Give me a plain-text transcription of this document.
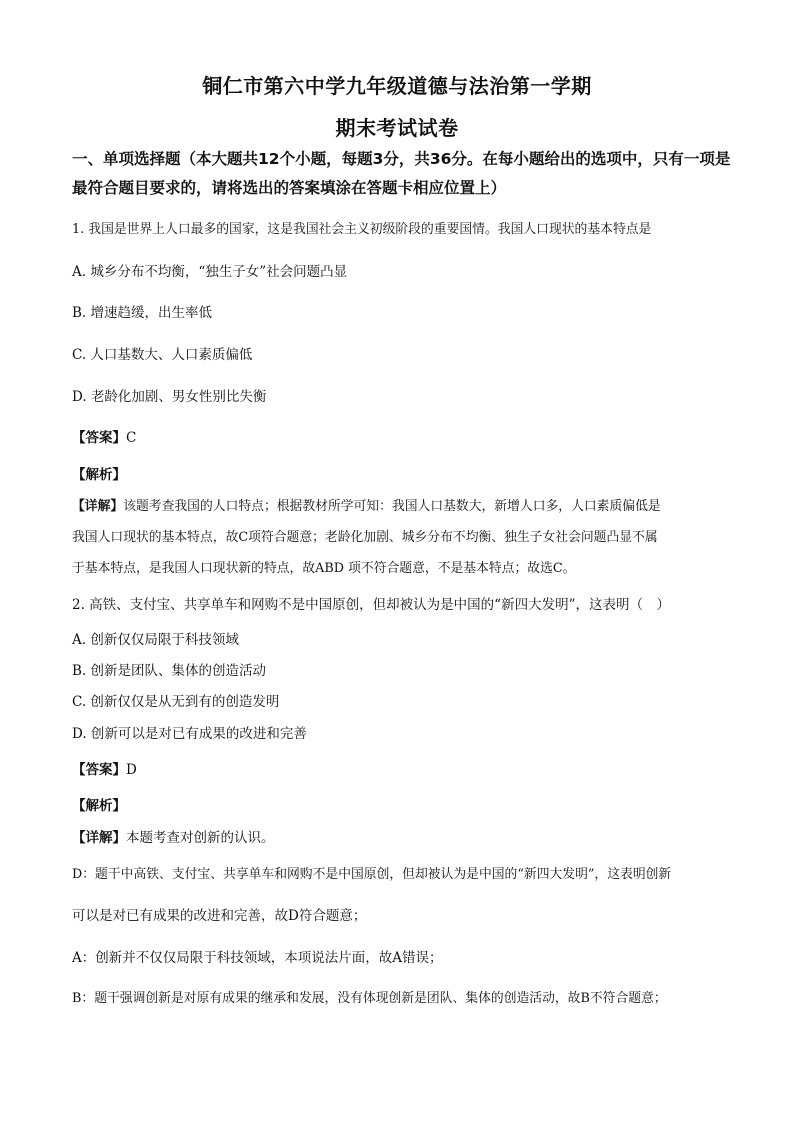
铜仁市第六中学九年级道德与法治第一学期
期末考试试卷
一、单项选择题（本大题共12个小题，每题3分，共36分。在每小题给出的选项中，只有一项是最符合题目要求的，请将选出的答案填涂在答题卡相应位置上）
1. 我国是世界上人口最多的国家，这是我国社会主义初级阶段的重要国情。我国人口现状的基本特点是
A. 城乡分布不均衡，“独生子女”社会问题凸显
B. 增速趋缓，出生率低
C. 人口基数大、人口素质偏低
D. 老龄化加剧、男女性别比失衡
【答案】C
【解析】
【详解】该题考查我国的人口特点；根据教材所学可知：我国人口基数大，新增人口多，人口素质偏低是
我国人口现状的基本特点，故C项符合题意；老龄化加剧、城乡分布不均衡、独生子女社会问题凸显不属
于基本特点，是我国人口现状新的特点，故ABD 项不符合题意，不是基本特点；故选C。
2. 高铁、支付宝、共享单车和网购不是中国原创，但却被认为是中国的“新四大发明”，这表明（　）
A. 创新仅仅局限于科技领域
B. 创新是团队、集体的创造活动
C. 创新仅仅是从无到有的创造发明
D. 创新可以是对已有成果的改进和完善
【答案】D
【解析】
【详解】本题考查对创新的认识。
D：题干中高铁、支付宝、共享单车和网购不是中国原创，但却被认为是中国的“新四大发明”，这表明创新
可以是对已有成果的改进和完善，故D符合题意；
A：创新并不仅仅局限于科技领域，本项说法片面，故A错误；
B：题干强调创新是对原有成果的继承和发展，没有体现创新是团队、集体的创造活动，故B不符合题意；
